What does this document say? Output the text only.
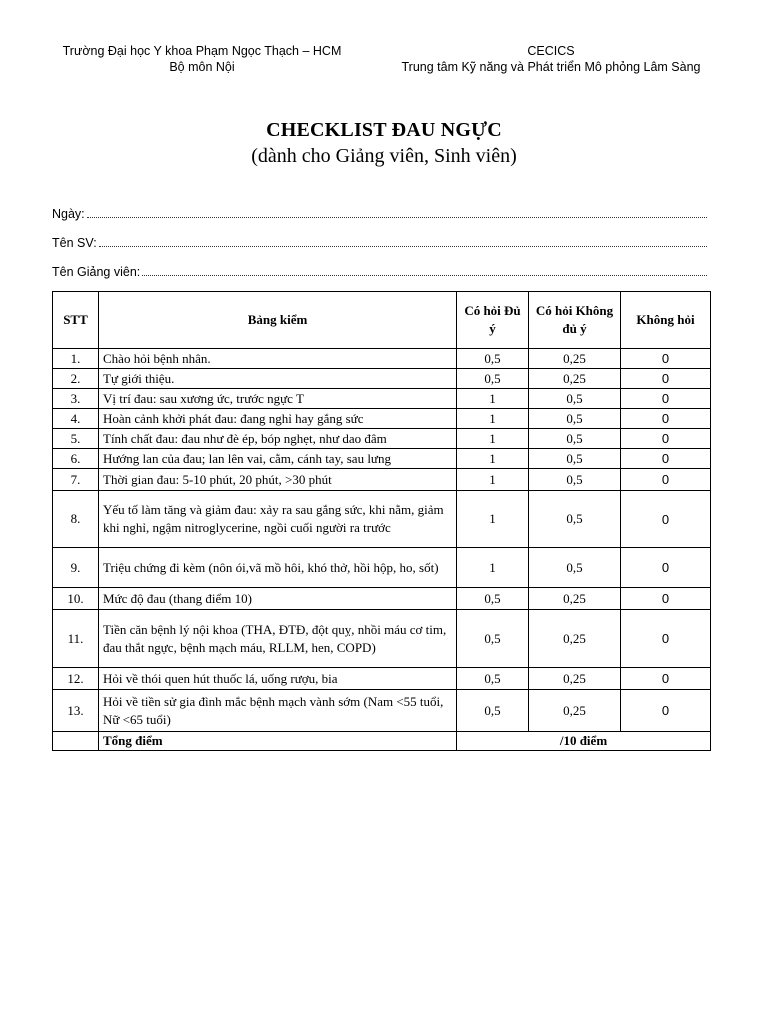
Trường Đại học Y khoa Phạm Ngọc Thạch – HCM
Bộ môn Nội
CECICS
Trung tâm Kỹ năng và Phát triển Mô phỏng Lâm Sàng
CHECKLIST ĐAU NGỰC
(dành cho Giảng viên, Sinh viên)
Ngày:
Tên SV:
Tên Giảng viên:
STT	Bảng kiểm	Có hỏi Đủ ý	Có hỏi Không đủ ý	Không hỏi
1.	Chào hỏi bệnh nhân.	0,5	0,25	0
2.	Tự giới thiệu.	0,5	0,25	0
3.	Vị trí đau: sau xương ức, trước ngực T	1	0,5	0
4.	Hoàn cảnh khởi phát đau: đang nghỉ hay gắng sức	1	0,5	0
5.	Tính chất đau: đau như đè ép, bóp nghẹt, như dao đâm	1	0,5	0
6.	Hướng lan của đau; lan lên vai, cằm, cánh tay, sau lưng	1	0,5	0
7.	Thời gian đau: 5-10 phút, 20 phút, >30 phút	1	0,5	0
8.	Yếu tố làm tăng và giảm đau: xảy ra sau gắng sức, khi nằm, giảm khi nghỉ, ngậm nitroglycerine, ngồi cuối người ra trước	1	0,5	0
9.	Triệu chứng đi kèm (nôn ói,vã mồ hôi, khó thở, hồi hộp, ho, sốt)	1	0,5	0
10.	Mức độ đau (thang điểm 10)	0,5	0,25	0
11.	Tiền căn bệnh lý nội khoa (THA, ĐTĐ, đột quỵ, nhồi máu cơ tim, đau thắt ngực, bệnh mạch máu, RLLM, hen, COPD)	0,5	0,25	0
12.	Hỏi về thói quen hút thuốc lá, uống rượu, bia	0,5	0,25	0
13.	Hỏi về tiền sử gia đình mắc bệnh mạch vành sớm (Nam <55 tuổi, Nữ <65 tuổi)	0,5	0,25	0
	Tổng điểm	/10 điểm		
